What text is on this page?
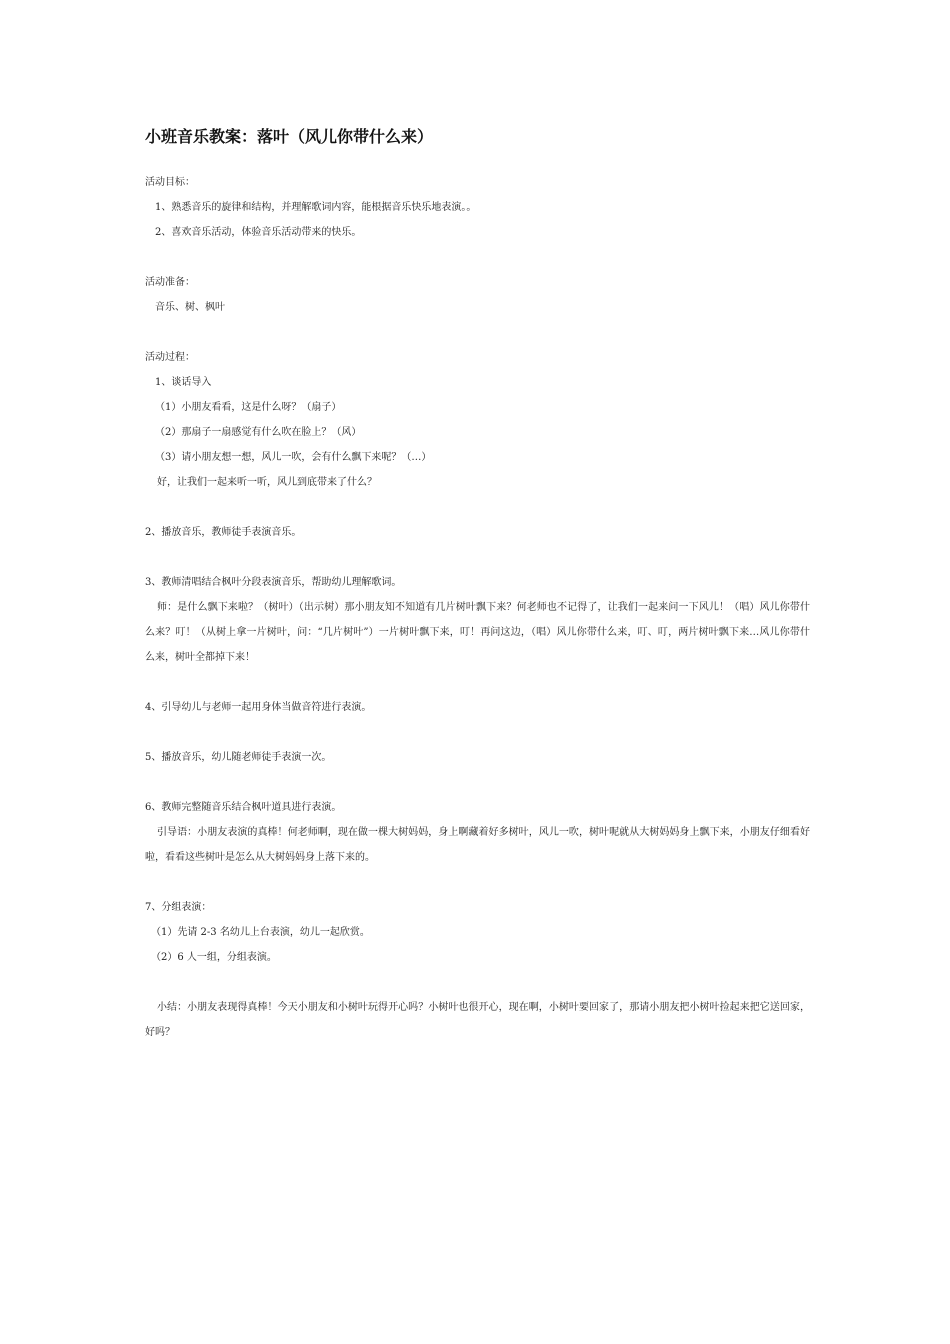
小班音乐教案：落叶（风儿你带什么来）
活动目标：
1、熟悉音乐的旋律和结构，并理解歌词内容，能根据音乐快乐地表演。。
2、喜欢音乐活动，体验音乐活动带来的快乐。
活动准备：
音乐、树、枫叶
活动过程：
1、谈话导入
（1）小朋友看看，这是什么呀？（扇子）
（2）那扇子一扇感觉有什么吹在脸上？（风）
（3）请小朋友想一想，风儿一吹，会有什么飘下来呢？（…）
好，让我们一起来听一听，风儿到底带来了什么？
2、播放音乐，教师徒手表演音乐。
3、教师清唱结合枫叶分段表演音乐，帮助幼儿理解歌词。
师：是什么飘下来啦？（树叶）（出示树）那小朋友知不知道有几片树叶飘下来？何老师也不记得了，让我们一起来问一下风儿！（唱）风儿你带什么来？叮！（从树上拿一片树叶，问：“几片树叶”）一片树叶飘下来，叮！再问这边，（唱）风儿你带什么来，叮、叮，两片树叶飘下来…风儿你带什么来，树叶全都掉下来！
4、引导幼儿与老师一起用身体当做音符进行表演。
5、播放音乐，幼儿随老师徒手表演一次。
6、教师完整随音乐结合枫叶道具进行表演。
引导语：小朋友表演的真棒！何老师啊，现在做一棵大树妈妈，身上啊藏着好多树叶，风儿一吹，树叶呢就从大树妈妈身上飘下来，小朋友仔细看好啦，看看这些树叶是怎么从大树妈妈身上落下来的。
7、分组表演：
（1）先请 2-3 名幼儿上台表演，幼儿一起欣赏。
（2）6 人一组，分组表演。
小结：小朋友表现得真棒！今天小朋友和小树叶玩得开心吗？小树叶也很开心，现在啊，小树叶要回家了，那请小朋友把小树叶捡起来把它送回家，好吗？
